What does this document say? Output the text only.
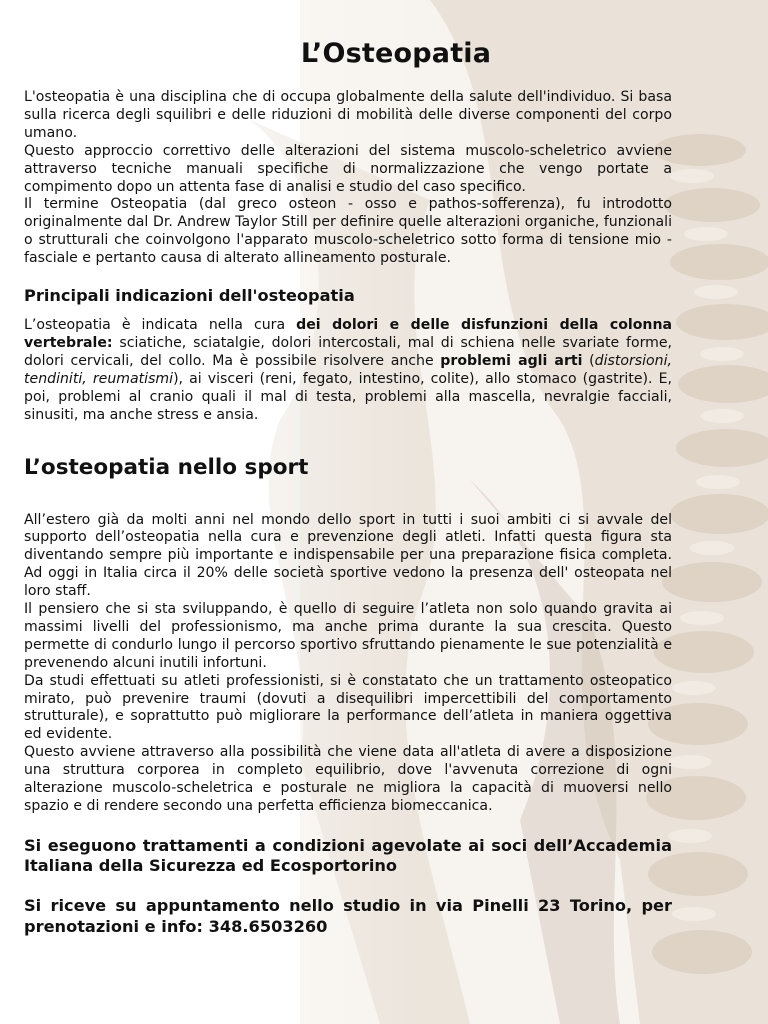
L’Osteopatia

L'osteopatia è una disciplina che di occupa globalmente della salute dell'individuo. Si basa sulla ricerca degli squilibri e delle riduzioni di mobilità delle diverse componenti del corpo umano.
Questo approccio correttivo delle alterazioni del sistema muscolo-scheletrico avviene attraverso tecniche manuali specifiche di normalizzazione che vengo portate a compimento dopo un attenta fase di analisi e studio del caso specifico.
Il termine Osteopatia (dal greco osteon - osso e pathos-sofferenza), fu introdotto originalmente dal Dr. Andrew Taylor Still per definire quelle alterazioni organiche, funzionali o strutturali che coinvolgono l'apparato muscolo-scheletrico sotto forma di tensione mio - fasciale e pertanto causa di alterato allineamento posturale.

Principali indicazioni dell'osteopatia

L’osteopatia è indicata nella cura dei dolori e delle disfunzioni della colonna vertebrale: sciatiche, sciatalgie, dolori intercostali, mal di schiena nelle svariate forme, dolori cervicali, del collo. Ma è possibile risolvere anche problemi agli arti (distorsioni, tendiniti, reumatismi), ai visceri (reni, fegato, intestino, colite), allo stomaco (gastrite). E, poi, problemi al cranio quali il mal di testa, problemi alla mascella, nevralgie facciali, sinusiti, ma anche stress e ansia.

L’osteopatia nello sport

All’estero già da molti anni nel mondo dello sport in tutti i suoi ambiti ci si avvale del supporto dell’osteopatia nella cura e prevenzione degli atleti. Infatti questa figura sta diventando sempre più importante e indispensabile per una preparazione fisica completa. Ad oggi in Italia circa il 20% delle società sportive vedono la presenza dell' osteopata nel loro staff.
Il pensiero che si sta sviluppando, è quello di seguire l’atleta non solo quando gravita ai massimi livelli del professionismo, ma anche prima durante la sua crescita. Questo permette di condurlo lungo il percorso sportivo sfruttando pienamente le sue potenzialità e prevenendo alcuni inutili infortuni.
Da studi effettuati su atleti professionisti, si è constatato che un trattamento osteopatico mirato, può prevenire traumi (dovuti a disequilibri impercettibili del comportamento strutturale), e soprattutto può migliorare la performance dell’atleta in maniera oggettiva ed evidente.
Questo avviene attraverso alla possibilità che viene data all'atleta di avere a disposizione una struttura corporea in completo equilibrio, dove l'avvenuta correzione di ogni alterazione muscolo-scheletrica e posturale ne migliora la capacità di muoversi nello spazio e di rendere secondo una perfetta efficienza biomeccanica.

Si eseguono trattamenti a condizioni agevolate ai soci dell’Accademia Italiana della Sicurezza ed Ecosportorino

Si riceve su appuntamento nello studio in via Pinelli 23 Torino, per prenotazioni e info: 348.6503260
